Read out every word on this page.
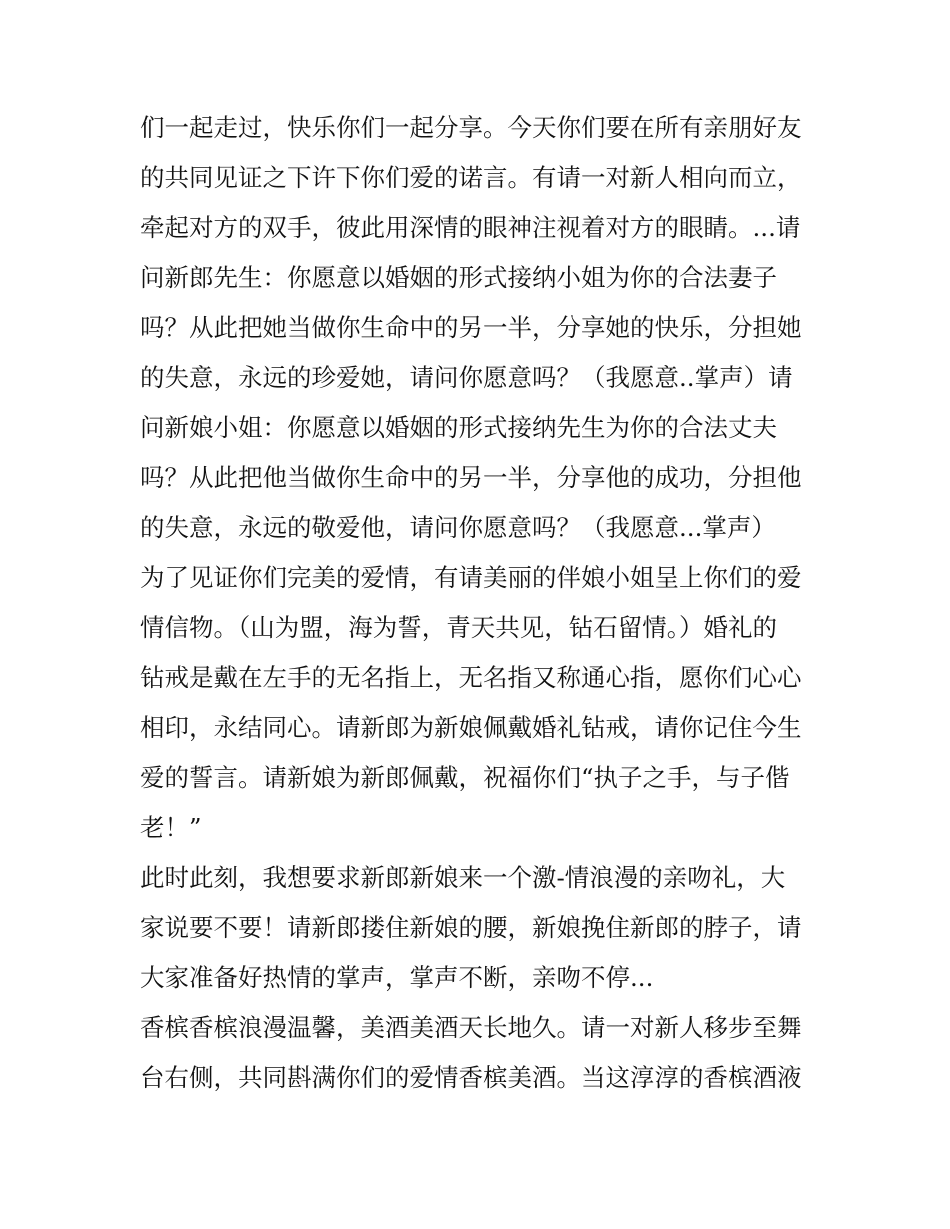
们一起走过，快乐你们一起分享。今天你们要在所有亲朋好友
的共同见证之下许下你们爱的诺言。有请一对新人相向而立，
牵起对方的双手，彼此用深情的眼神注视着对方的眼睛。...请
问新郎先生：你愿意以婚姻的形式接纳小姐为你的合法妻子
吗？从此把她当做你生命中的另一半，分享她的快乐，分担她
的失意，永远的珍爱她，请问你愿意吗？（我愿意..掌声）请
问新娘小姐：你愿意以婚姻的形式接纳先生为你的合法丈夫
吗？从此把他当做你生命中的另一半，分享他的成功，分担他
的失意，永远的敬爱他，请问你愿意吗？（我愿意...掌声）
为了见证你们完美的爱情，有请美丽的伴娘小姐呈上你们的爱
情信物。（山为盟，海为誓，青天共见，钻石留情。）婚礼的
钻戒是戴在左手的无名指上，无名指又称通心指，愿你们心心
相印，永结同心。请新郎为新娘佩戴婚礼钻戒，请你记住今生
爱的誓言。请新娘为新郎佩戴，祝福你们“执子之手，与子偕
老！”
此时此刻，我想要求新郎新娘来一个激-情浪漫的亲吻礼，大
家说要不要！请新郎搂住新娘的腰，新娘挽住新郎的脖子，请
大家准备好热情的掌声，掌声不断，亲吻不停...
香槟香槟浪漫温馨，美酒美酒天长地久。请一对新人移步至舞
台右侧，共同斟满你们的爱情香槟美酒。当这淳淳的香槟酒液
